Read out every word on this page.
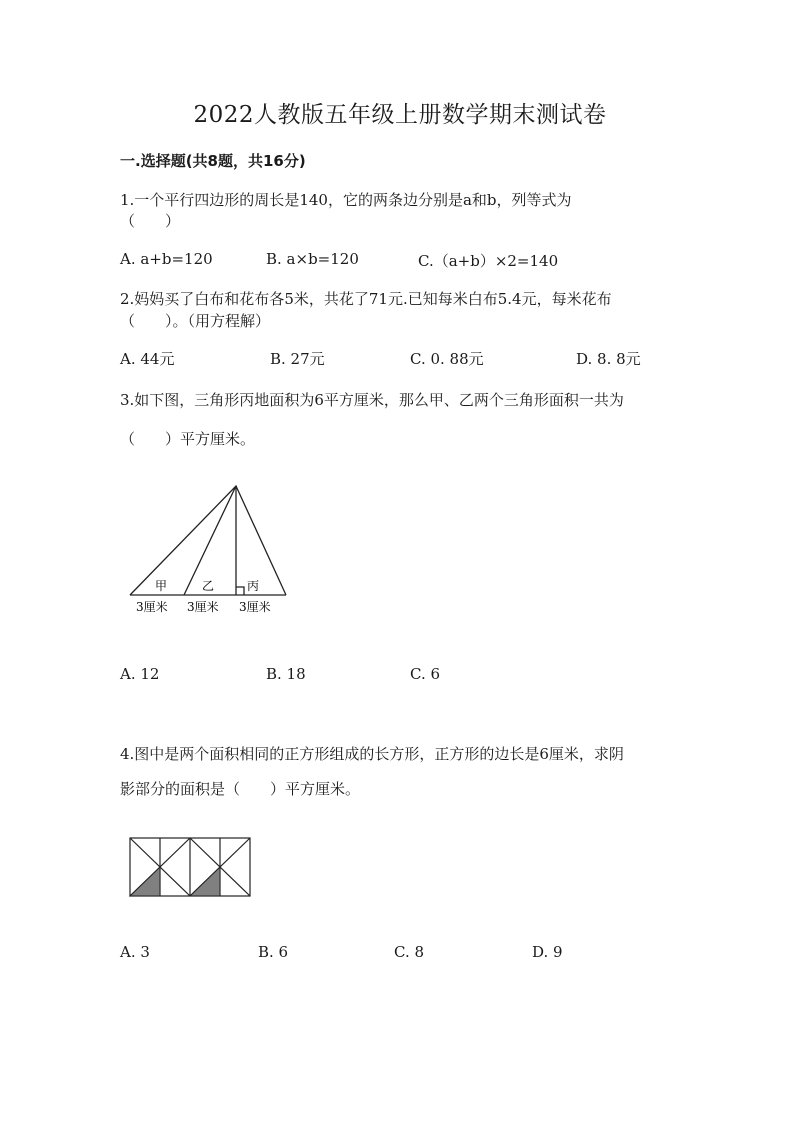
2022人教版五年级上册数学期末测试卷
一.选择题(共8题，共16分)
1.一个平行四边形的周长是140，它的两条边分别是a和b，列等式为
（　　）
A. a+b=120	B. a×b=120	C.（a+b）×2=140
2.妈妈买了白布和花布各5米，共花了71元.已知每米白布5.4元，每米花布
（　　）。（用方程解）
A. 44元	B. 27元	C. 0. 88元	D. 8. 8元
3.如下图，三角形丙地面积为6平方厘米，那么甲、乙两个三角形面积一共为
（　　）平方厘米。
甲	乙	丙
3厘米 3厘米 3厘米
A. 12	B. 18	C. 6
4.图中是两个面积相同的正方形组成的长方形，正方形的边长是6厘米，求阴
影部分的面积是（　　）平方厘米。
A. 3	B. 6	C. 8	D. 9
